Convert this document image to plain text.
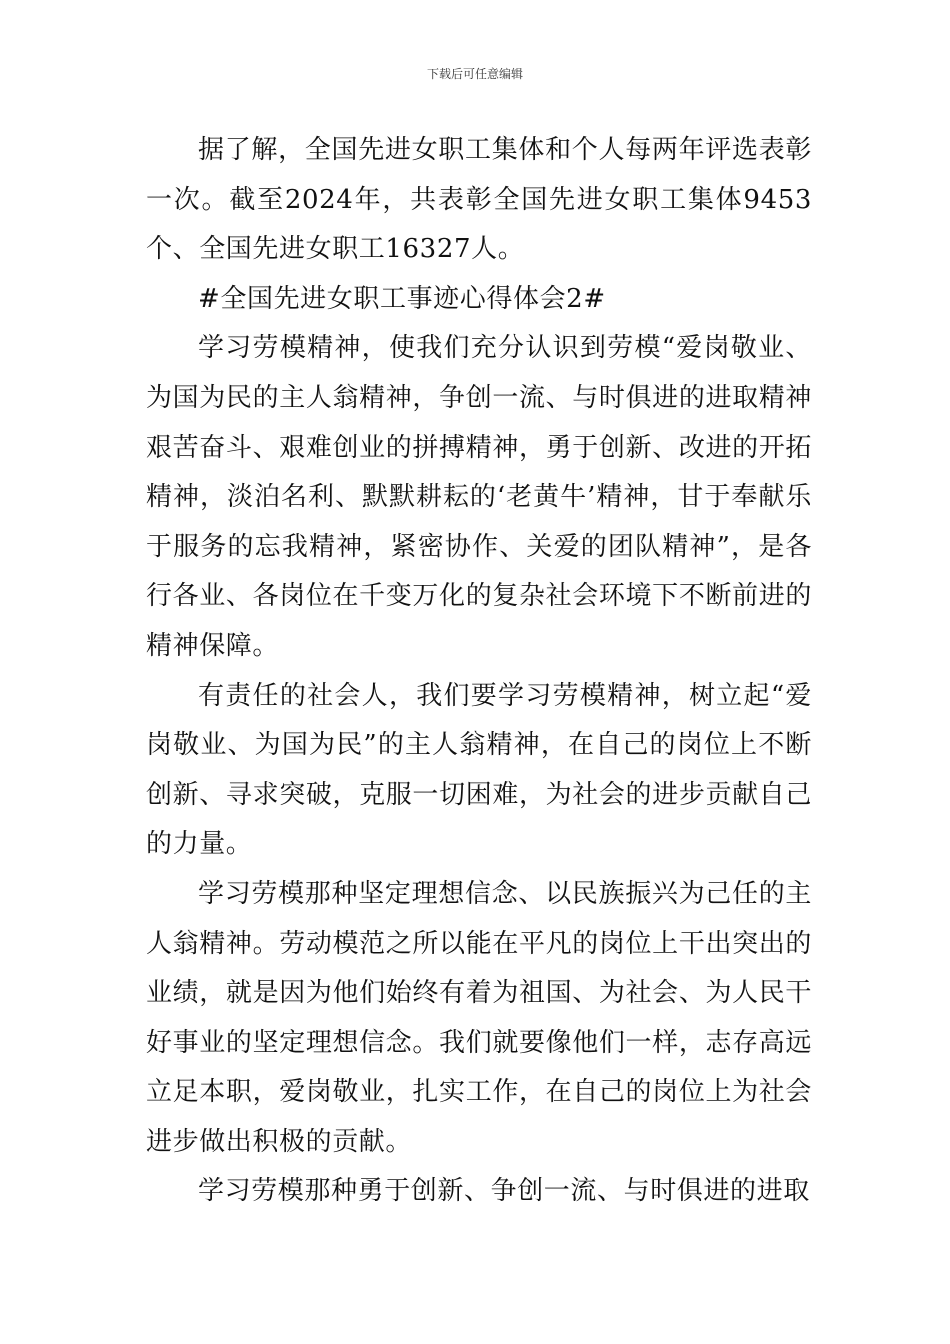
下载后可任意编辑

据了解，全国先进女职工集体和个人每两年评选表彰一次。截至2024年，共表彰全国先进女职工集体9453个、全国先进女职工16327人。

#全国先进女职工事迹心得体会2#

学习劳模精神，使我们充分认识到劳模“爱岗敬业、为国为民的主人翁精神，争创一流、与时俱进的进取精神艰苦奋斗、艰难创业的拼搏精神，勇于创新、改进的开拓精神，淡泊名利、默默耕耘的‘老黄牛’精神，甘于奉献乐于服务的忘我精神，紧密协作、关爱的团队精神”，是各行各业、各岗位在千变万化的复杂社会环境下不断前进的精神保障。

有责任的社会人，我们要学习劳模精神，树立起“爱岗敬业、为国为民”的主人翁精神，在自己的岗位上不断创新、寻求突破，克服一切困难，为社会的进步贡献自己的力量。

学习劳模那种坚定理想信念、以民族振兴为己任的主人翁精神。劳动模范之所以能在平凡的岗位上干出突出的业绩，就是因为他们始终有着为祖国、为社会、为人民干好事业的坚定理想信念。我们就要像他们一样，志存高远立足本职，爱岗敬业，扎实工作，在自己的岗位上为社会进步做出积极的贡献。

学习劳模那种勇于创新、争创一流、与时俱进的进取
